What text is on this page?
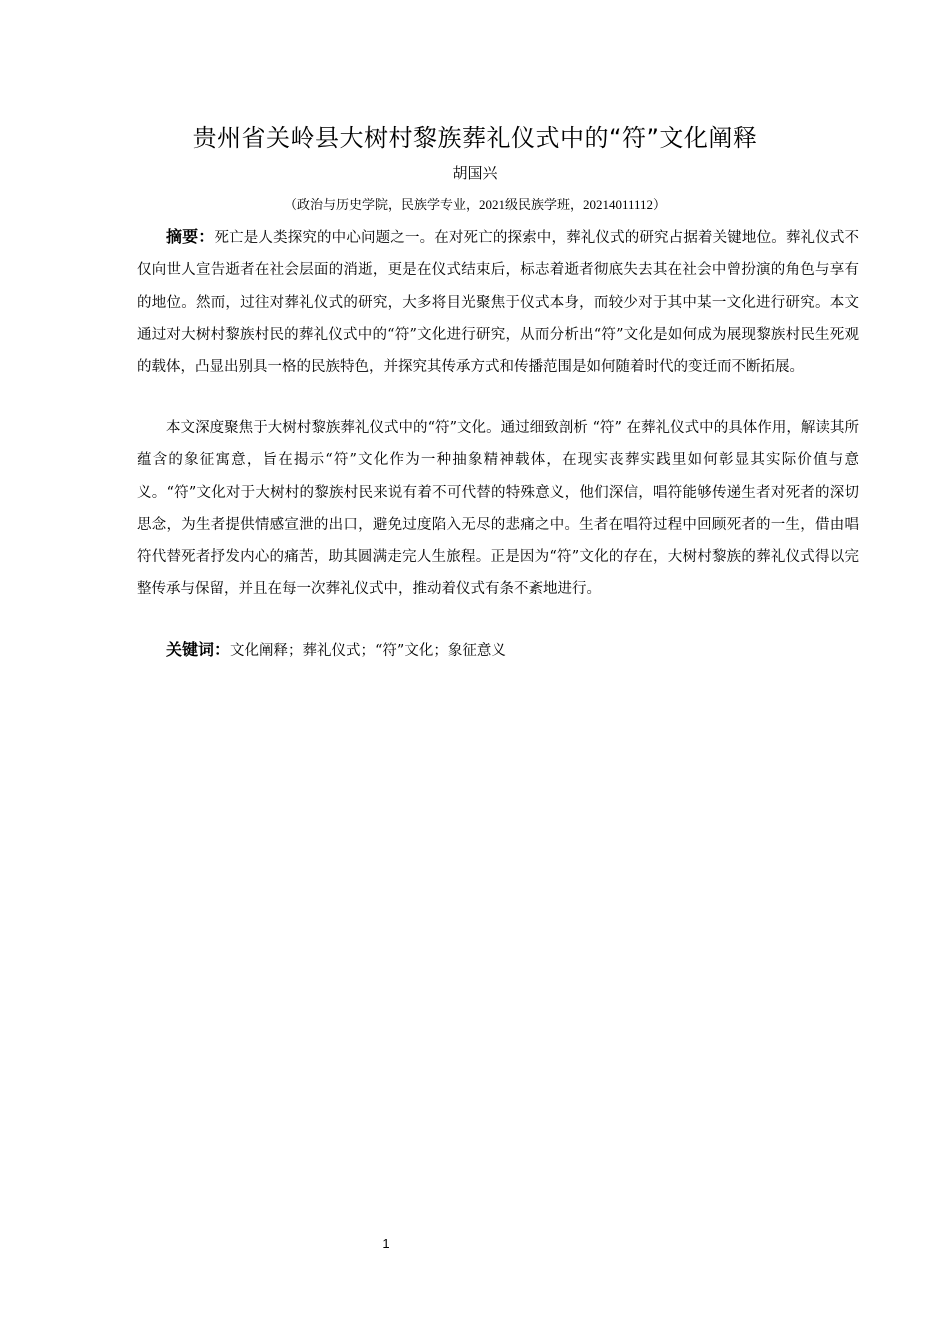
贵州省关岭县大树村黎族葬礼仪式中的“符”文化阐释
胡国兴
（政治与历史学院，民族学专业，2021级民族学班，20214011112）

摘要：死亡是人类探究的中心问题之一。在对死亡的探索中，葬礼仪式的研究占据着关键地位。葬礼仪式不仅向世人宣告逝者在社会层面的消逝，更是在仪式结束后，标志着逝者彻底失去其在社会中曾扮演的角色与享有的地位。然而，过往对葬礼仪式的研究，大多将目光聚焦于仪式本身，而较少对于其中某一文化进行研究。本文通过对大树村黎族村民的葬礼仪式中的“符”文化进行研究，从而分析出“符”文化是如何成为展现黎族村民生死观的载体，凸显出别具一格的民族特色，并探究其传承方式和传播范围是如何随着时代的变迁而不断拓展。

本文深度聚焦于大树村黎族葬礼仪式中的“符”文化。通过细致剖析 “符” 在葬礼仪式中的具体作用，解读其所蕴含的象征寓意，旨在揭示“符”文化作为一种抽象精神载体，在现实丧葬实践里如何彰显其实际价值与意义。“符”文化对于大树村的黎族村民来说有着不可代替的特殊意义，他们深信，唱符能够传递生者对死者的深切思念，为生者提供情感宣泄的出口，避免过度陷入无尽的悲痛之中。生者在唱符过程中回顾死者的一生，借由唱符代替死者抒发内心的痛苦，助其圆满走完人生旅程。正是因为“符”文化的存在，大树村黎族的葬礼仪式得以完整传承与保留，并且在每一次葬礼仪式中，推动着仪式有条不紊地进行。

关键词：文化阐释；葬礼仪式；“符”文化；象征意义

1
